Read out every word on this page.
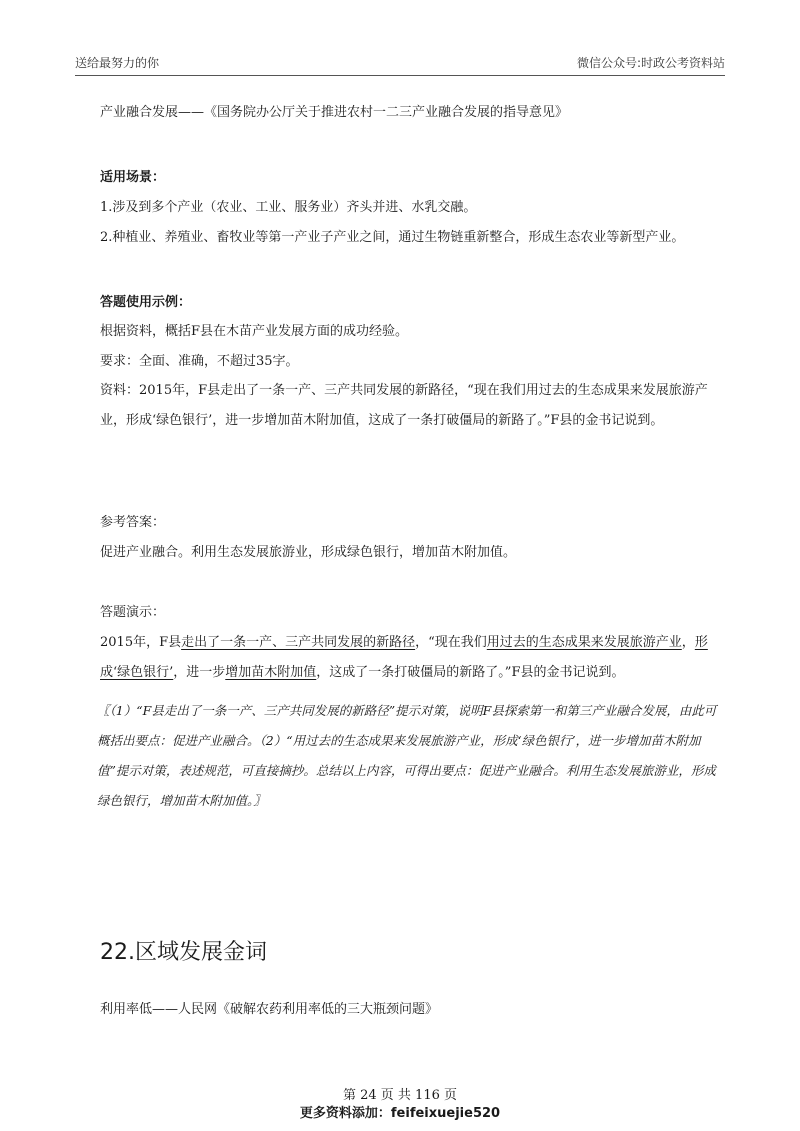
送给最努力的你	微信公众号:时政公考资料站
产业融合发展——《国务院办公厅关于推进农村一二三产业融合发展的指导意见》
适用场景：
1.涉及到多个产业（农业、工业、服务业）齐头并进、水乳交融。
2.种植业、养殖业、畜牧业等第一产业子产业之间，通过生物链重新整合，形成生态农业等新型产业。
答题使用示例：
根据资料，概括F县在木苗产业发展方面的成功经验。
要求：全面、准确，不超过35字。
资料：2015年，F县走出了一条一产、三产共同发展的新路径，“现在我们用过去的生态成果来发展旅游产业，形成‘绿色银行’，进一步增加苗木附加值，这成了一条打破僵局的新路了。”F县的金书记说到。
参考答案：
促进产业融合。利用生态发展旅游业，形成绿色银行，增加苗木附加值。
答题演示：
2015年，F县走出了一条一产、三产共同发展的新路径，“现在我们用过去的生态成果来发展旅游产业，形成‘绿色银行’，进一步增加苗木附加值，这成了一条打破僵局的新路了。”F县的金书记说到。
〖（1）“F县走出了一条一产、三产共同发展的新路径”提示对策，说明F县探索第一和第三产业融合发展，由此可概括出要点：促进产业融合。（2）“用过去的生态成果来发展旅游产业，形成‘绿色银行’，进一步增加苗木附加值”提示对策，表述规范，可直接摘抄。总结以上内容，可得出要点：促进产业融合。利用生态发展旅游业，形成绿色银行，增加苗木附加值。〗
22.区域发展金词
利用率低——人民网《破解农药利用率低的三大瓶颈问题》
第 24 页 共 116 页
更多资料添加：feifeixuejie520
